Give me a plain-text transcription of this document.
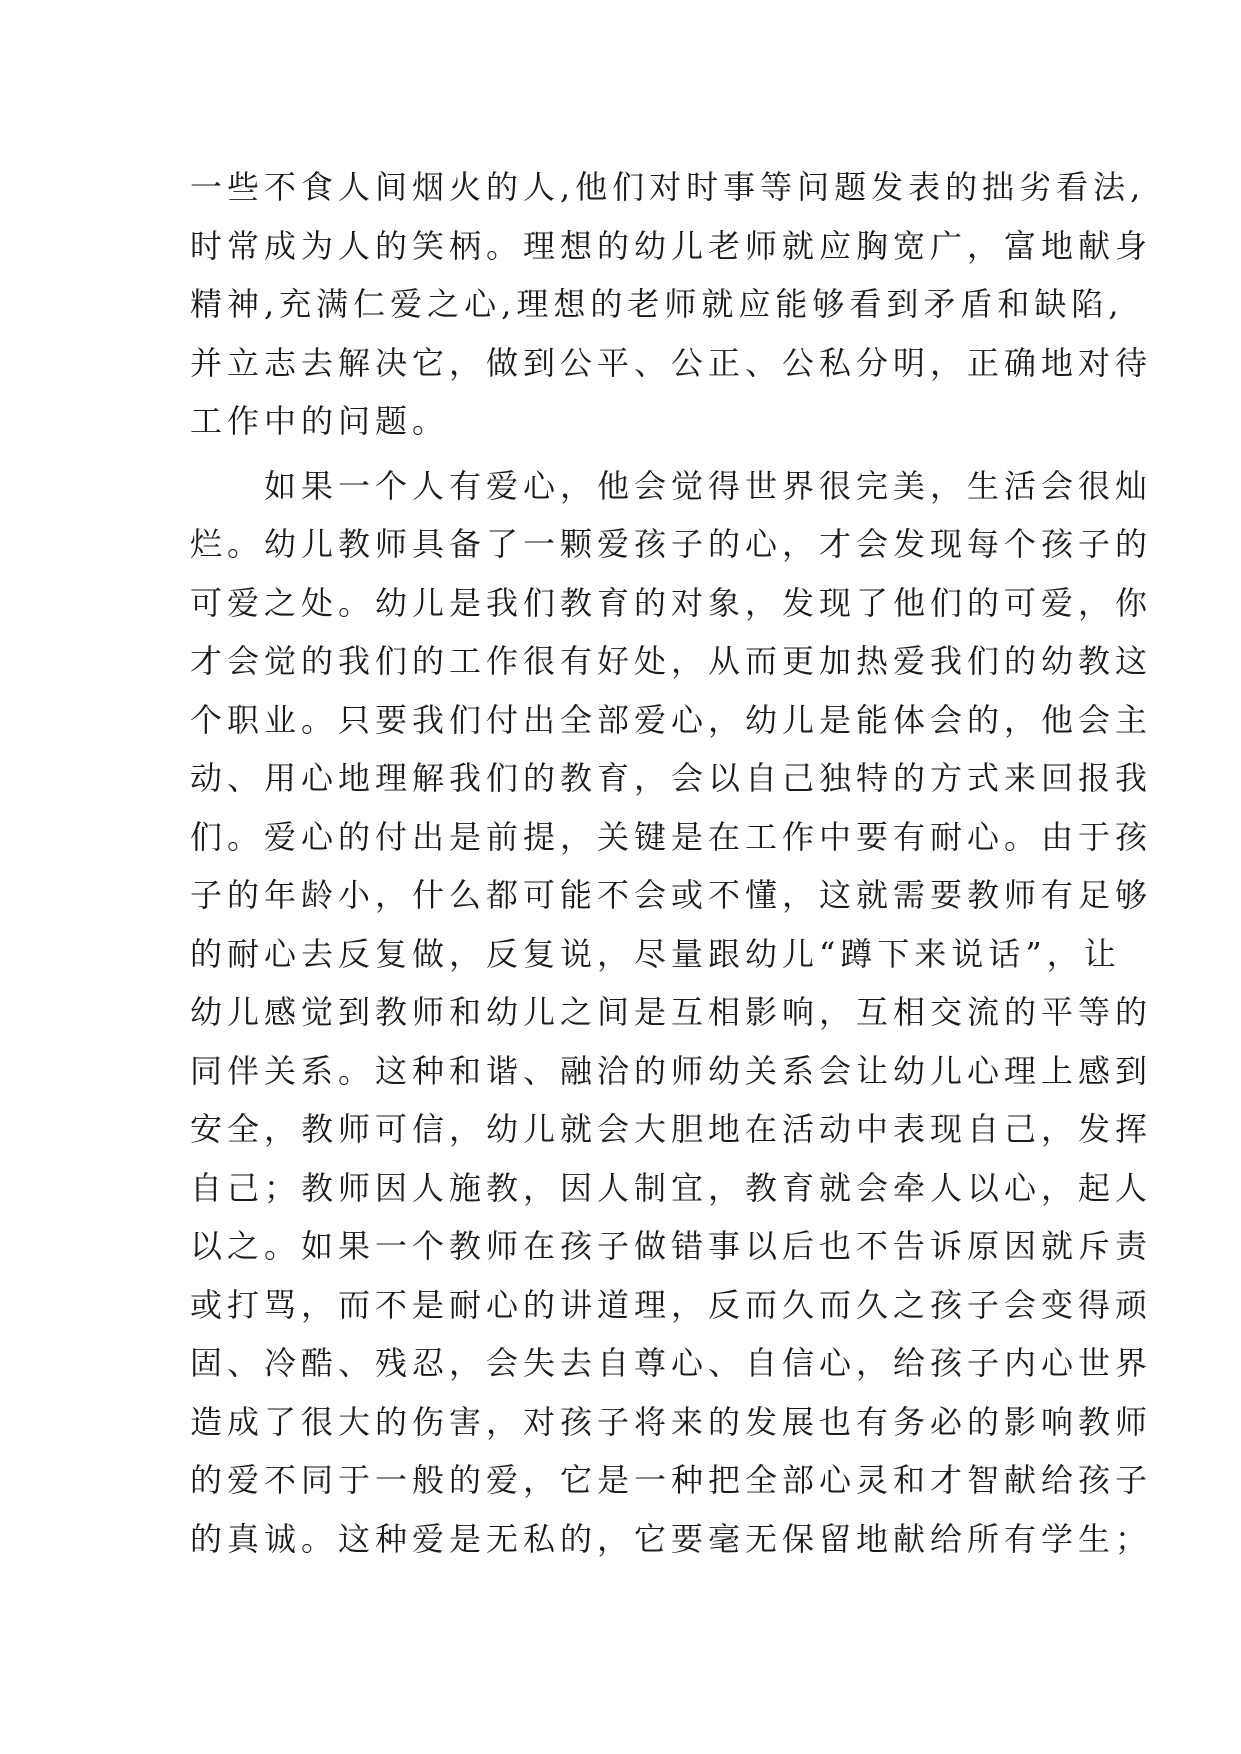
一些不食人间烟火的人,他们对时事等问题发表的拙劣看法,
时常成为人的笑柄。理想的幼儿老师就应胸宽广，富地献身
精神,充满仁爱之心,理想的老师就应能够看到矛盾和缺陷,
并立志去解决它，做到公平、公正、公私分明，正确地对待
工作中的问题。
　　如果一个人有爱心，他会觉得世界很完美，生活会很灿
烂。幼儿教师具备了一颗爱孩子的心，才会发现每个孩子的
可爱之处。幼儿是我们教育的对象，发现了他们的可爱，你
才会觉的我们的工作很有好处，从而更加热爱我们的幼教这
个职业。只要我们付出全部爱心，幼儿是能体会的，他会主
动、用心地理解我们的教育，会以自己独特的方式来回报我
们。爱心的付出是前提，关键是在工作中要有耐心。由于孩
子的年龄小，什么都可能不会或不懂，这就需要教师有足够
的耐心去反复做，反复说，尽量跟幼儿“蹲下来说话”，让
幼儿感觉到教师和幼儿之间是互相影响，互相交流的平等的
同伴关系。这种和谐、融洽的师幼关系会让幼儿心理上感到
安全，教师可信，幼儿就会大胆地在活动中表现自己，发挥
自己；教师因人施教，因人制宜，教育就会牵人以心，起人
以之。如果一个教师在孩子做错事以后也不告诉原因就斥责
或打骂，而不是耐心的讲道理，反而久而久之孩子会变得顽
固、冷酷、残忍，会失去自尊心、自信心，给孩子内心世界
造成了很大的伤害，对孩子将来的发展也有务必的影响教师
的爱不同于一般的爱，它是一种把全部心灵和才智献给孩子
的真诚。这种爱是无私的，它要毫无保留地献给所有学生；
